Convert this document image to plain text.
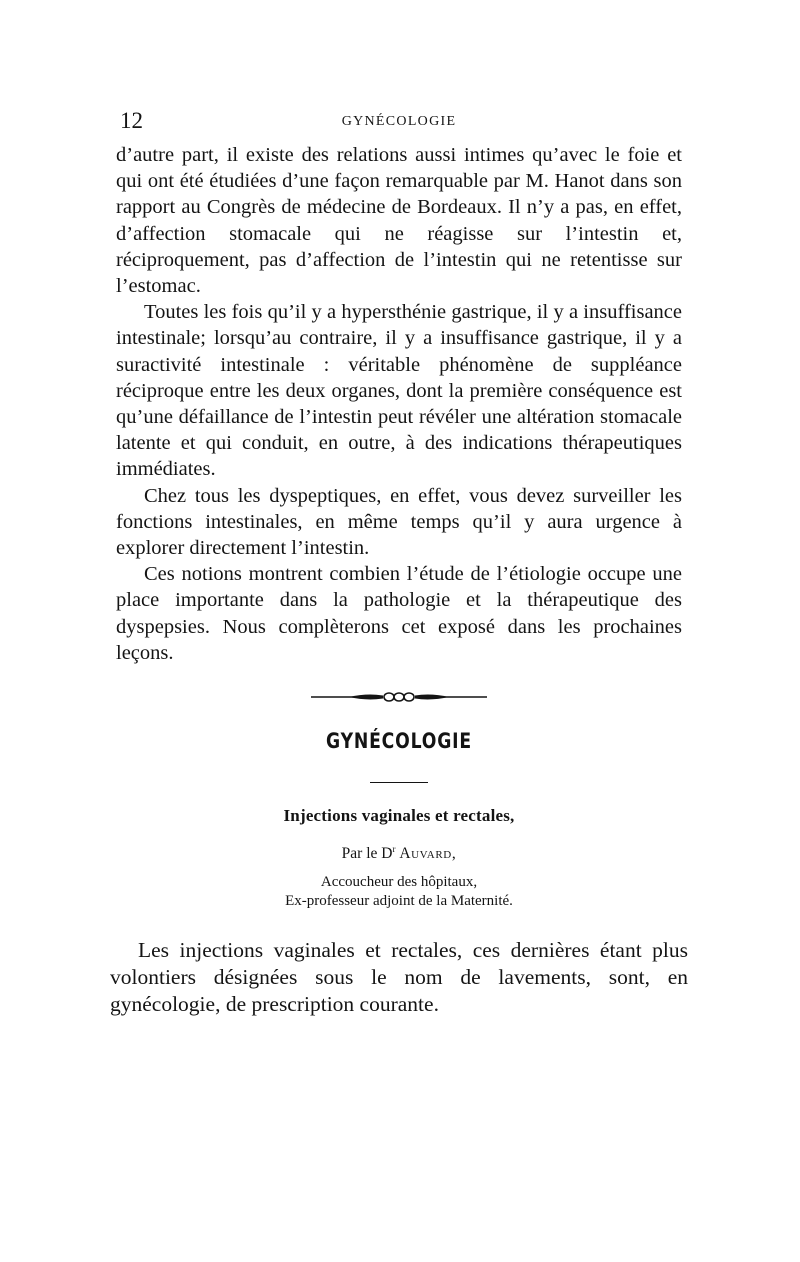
12	GYNÉCOLOGIE

d’autre part, il existe des relations aussi intimes qu’avec le foie et qui ont été étudiées d’une façon remarquable par M. Hanot dans son rapport au Congrès de médecine de Bordeaux. Il n’y a pas, en effet, d’affection stomacale qui ne réagisse sur l’intestin et, réciproquement, pas d’affection de l’intestin qui ne retentisse sur l’estomac.

Toutes les fois qu’il y a hypersthénie gastrique, il y a insuffisance intestinale; lorsqu’au contraire, il y a insuffisance gastrique, il y a suractivité intestinale : véritable phénomène de suppléance réciproque entre les deux organes, dont la première conséquence est qu’une défaillance de l’intestin peut révéler une altération stomacale latente et qui conduit, en outre, à des indications thérapeutiques immédiates.

Chez tous les dyspeptiques, en effet, vous devez surveiller les fonctions intestinales, en même temps qu’il y aura urgence à explorer directement l’intestin.

Ces notions montrent combien l’étude de l’étiologie occupe une place importante dans la pathologie et la thérapeutique des dyspepsies. Nous complèterons cet exposé dans les prochaines leçons.

GYNÉCOLOGIE
Injections vaginales et rectales,
Par le $D^r$ Auvard,
Accoucheur des hôpitaux,
Ex-professeur adjoint de la Maternité.

Les injections vaginales et rectales, ces dernières étant plus volontiers désignées sous le nom de lavements, sont, en gynécologie, de prescription courante.
